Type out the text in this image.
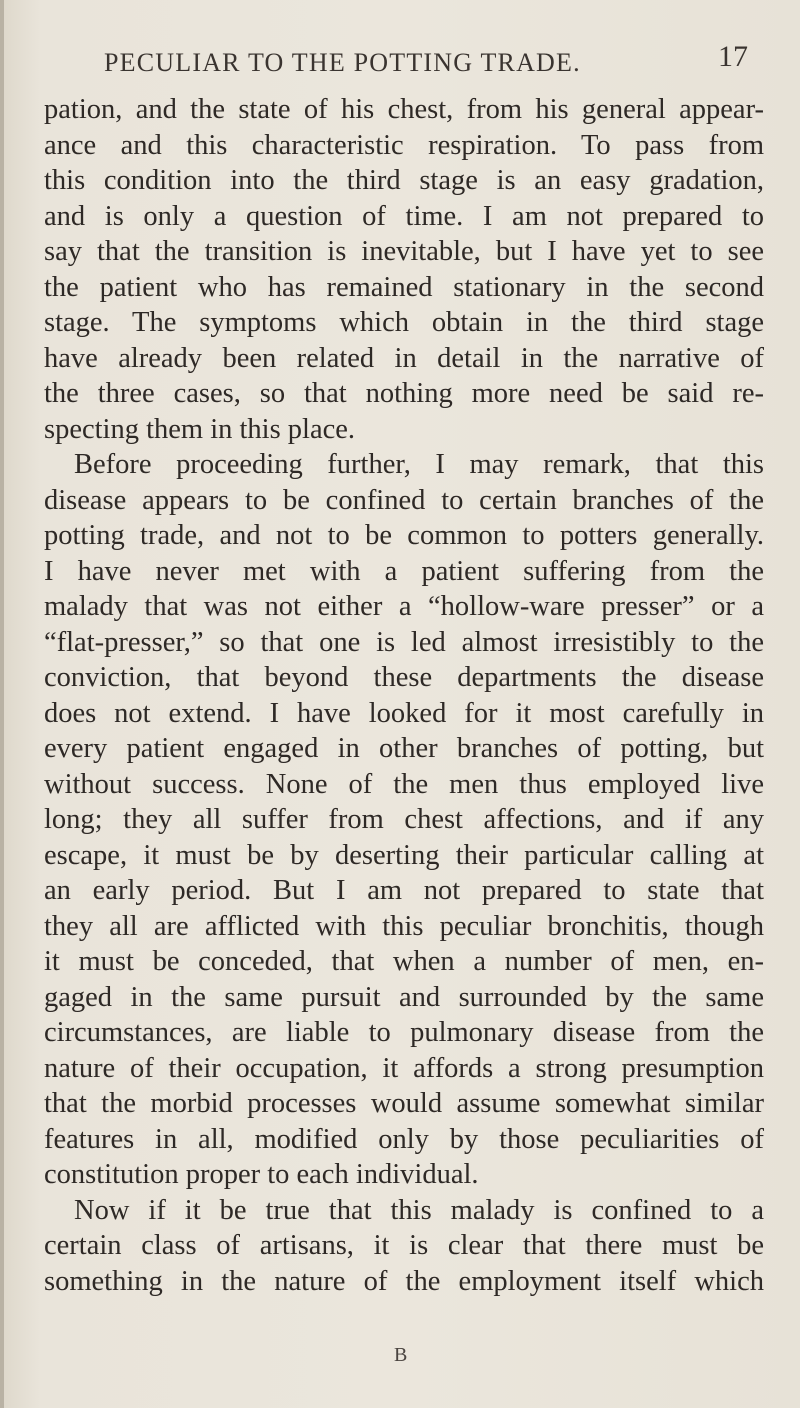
PECULIAR TO THE POTTING TRADE.	17
pation, and the state of his chest, from his general appear-
ance and this characteristic respiration. To pass from
this condition into the third stage is an easy gradation,
and is only a question of time. I am not prepared to
say that the transition is inevitable, but I have yet to see
the patient who has remained stationary in the second
stage. The symptoms which obtain in the third stage
have already been related in detail in the narrative of
the three cases, so that nothing more need be said re-
specting them in this place.
Before proceeding further, I may remark, that this
disease appears to be confined to certain branches of the
potting trade, and not to be common to potters generally.
I have never met with a patient suffering from the
malady that was not either a “hollow-ware presser” or a
“flat-presser,” so that one is led almost irresistibly to the
conviction, that beyond these departments the disease
does not extend. I have looked for it most carefully in
every patient engaged in other branches of potting, but
without success. None of the men thus employed live
long; they all suffer from chest affections, and if any
escape, it must be by deserting their particular calling at
an early period. But I am not prepared to state that
they all are afflicted with this peculiar bronchitis, though
it must be conceded, that when a number of men, en-
gaged in the same pursuit and surrounded by the same
circumstances, are liable to pulmonary disease from the
nature of their occupation, it affords a strong presumption
that the morbid processes would assume somewhat similar
features in all, modified only by those peculiarities of
constitution proper to each individual.
Now if it be true that this malady is confined to a
certain class of artisans, it is clear that there must be
something in the nature of the employment itself which
B
